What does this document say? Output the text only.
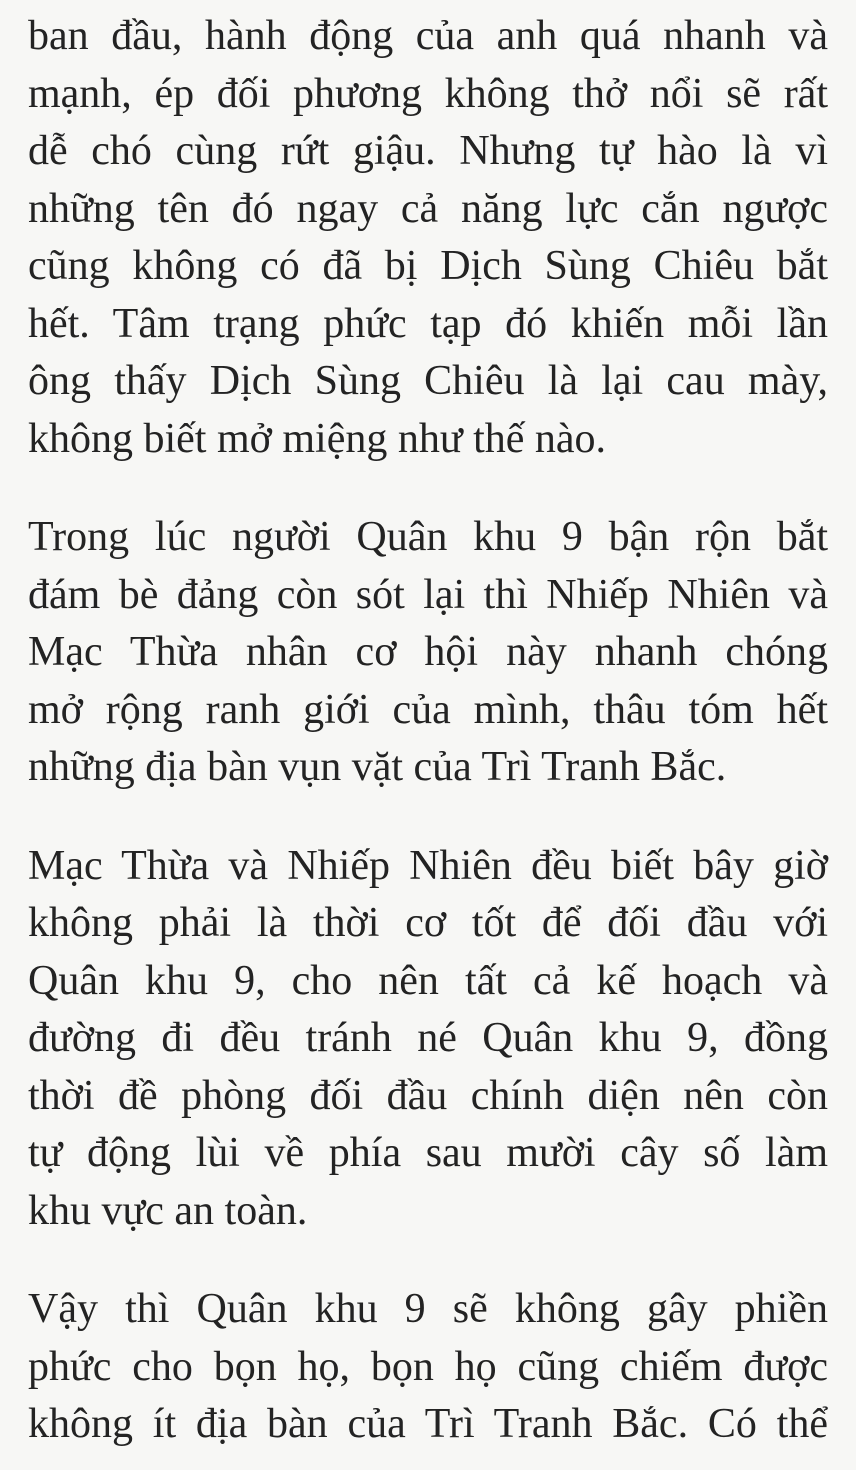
ban đầu, hành động của anh quá nhanh và
mạnh, ép đối phương không thở nổi sẽ rất
dễ chó cùng rứt giậu. Nhưng tự hào là vì
những tên đó ngay cả năng lực cắn ngược
cũng không có đã bị Dịch Sùng Chiêu bắt
hết. Tâm trạng phức tạp đó khiến mỗi lần
ông thấy Dịch Sùng Chiêu là lại cau mày,
không biết mở miệng như thế nào.

Trong lúc người Quân khu 9 bận rộn bắt
đám bè đảng còn sót lại thì Nhiếp Nhiên và
Mạc Thừa nhân cơ hội này nhanh chóng
mở rộng ranh giới của mình, thâu tóm hết
những địa bàn vụn vặt của Trì Tranh Bắc.

Mạc Thừa và Nhiếp Nhiên đều biết bây giờ
không phải là thời cơ tốt để đối đầu với
Quân khu 9, cho nên tất cả kế hoạch và
đường đi đều tránh né Quân khu 9, đồng
thời đề phòng đối đầu chính diện nên còn
tự động lùi về phía sau mười cây số làm
khu vực an toàn.

Vậy thì Quân khu 9 sẽ không gây phiền
phức cho bọn họ, bọn họ cũng chiếm được
không ít địa bàn của Trì Tranh Bắc. Có thể
